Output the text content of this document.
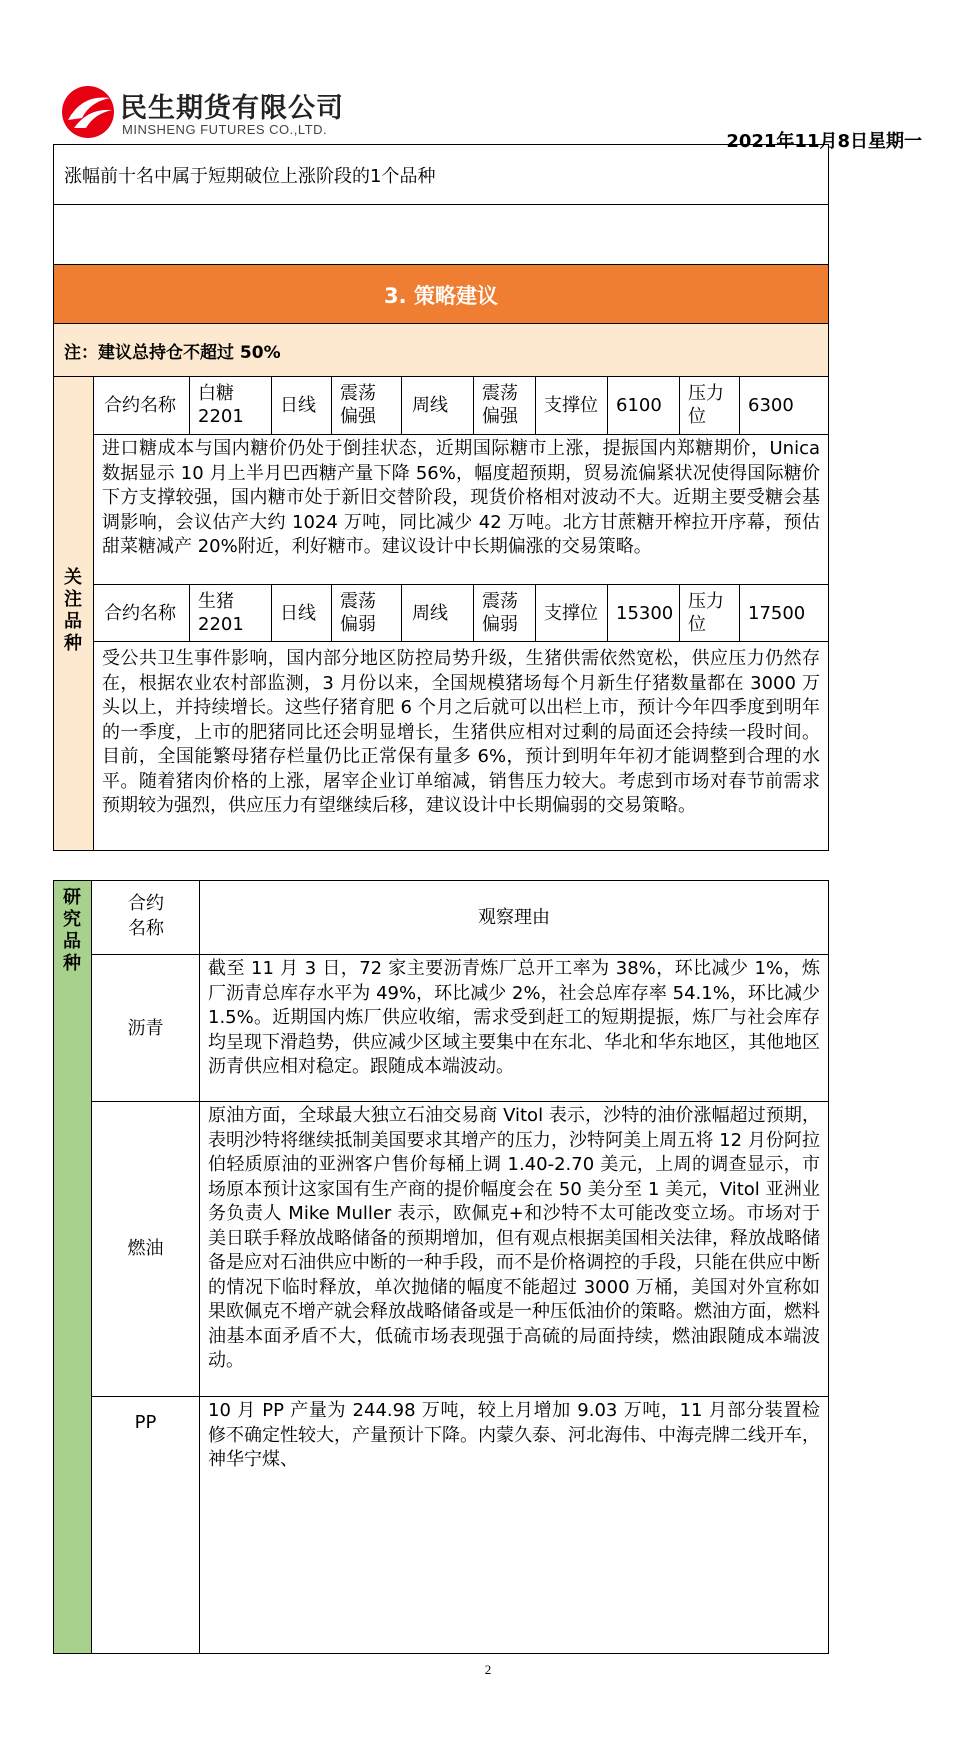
民生期货有限公司
MINSHENG FUTURES CO.,LTD.
2021年11月8日星期一
涨幅前十名中属于短期破位上涨阶段的1个品种
3. 策略建议
注：建议总持仓不超过 50%
关注品种
合约名称
白糖
2201
日线
震荡
偏强
周线
震荡
偏强
支撑位 6100
压力
位
6300
进口糖成本与国内糖价仍处于倒挂状态，近期国际糖市上涨，提振国内郑糖期价，Unica 数据显示 10 月上半月巴西糖产量下降 56%，幅度超预期，贸易流偏紧状况使得国际糖价下方支撑较强，国内糖市处于新旧交替阶段，现货价格相对波动不大。近期主要受糖会基调影响，会议估产大约 1024 万吨，同比减少 42 万吨。北方甘蔗糖开榨拉开序幕，预估甜菜糖减产 20%附近，利好糖市。建议设计中长期偏涨的交易策略。
合约名称
生猪
2201
日线
震荡
偏弱
周线
震荡
偏弱
支撑位 15300
压力
位
17500
受公共卫生事件影响，国内部分地区防控局势升级，生猪供需依然宽松，供应压力仍然存在，根据农业农村部监测，3 月份以来，全国规模猪场每个月新生仔猪数量都在 3000 万头以上，并持续增长。这些仔猪育肥 6 个月之后就可以出栏上市，预计今年四季度到明年的一季度，上市的肥猪同比还会明显增长，生猪供应相对过剩的局面还会持续一段时间。目前，全国能繁母猪存栏量仍比正常保有量多 6%，预计到明年年初才能调整到合理的水平。随着猪肉价格的上涨，屠宰企业订单缩减，销售压力较大。考虑到市场对春节前需求预期较为强烈，供应压力有望继续后移，建议设计中长期偏弱的交易策略。
研究品种
合约
名称
观察理由
沥青
截至 11 月 3 日，72 家主要沥青炼厂总开工率为 38%，环比减少 1%，炼厂沥青总库存水平为 49%，环比减少 2%，社会总库存率 54.1%，环比减少 1.5%。近期国内炼厂供应收缩，需求受到赶工的短期提振，炼厂与社会库存均呈现下滑趋势，供应减少区域主要集中在东北、华北和华东地区，其他地区沥青供应相对稳定。跟随成本端波动。
燃油
原油方面，全球最大独立石油交易商 Vitol 表示，沙特的油价涨幅超过预期，表明沙特将继续抵制美国要求其增产的压力，沙特阿美上周五将 12 月份阿拉伯轻质原油的亚洲客户售价每桶上调 1.40-2.70 美元，上周的调查显示，市场原本预计这家国有生产商的提价幅度会在 50 美分至 1 美元，Vitol 亚洲业务负责人 Mike Muller 表示，欧佩克+和沙特不太可能改变立场。市场对于美日联手释放战略储备的预期增加，但有观点根据美国相关法律，释放战略储备是应对石油供应中断的一种手段，而不是价格调控的手段，只能在供应中断的情况下临时释放，单次抛储的幅度不能超过 3000 万桶，美国对外宣称如果欧佩克不增产就会释放战略储备或是一种压低油价的策略。燃油方面，燃料油基本面矛盾不大，低硫市场表现强于高硫的局面持续，燃油跟随成本端波动。
PP
10 月 PP 产量为 244.98 万吨，较上月增加 9.03 万吨，11 月部分装置检修不确定性较大，产量预计下降。内蒙久泰、河北海伟、中海壳牌二线开车，神华宁煤、
2
